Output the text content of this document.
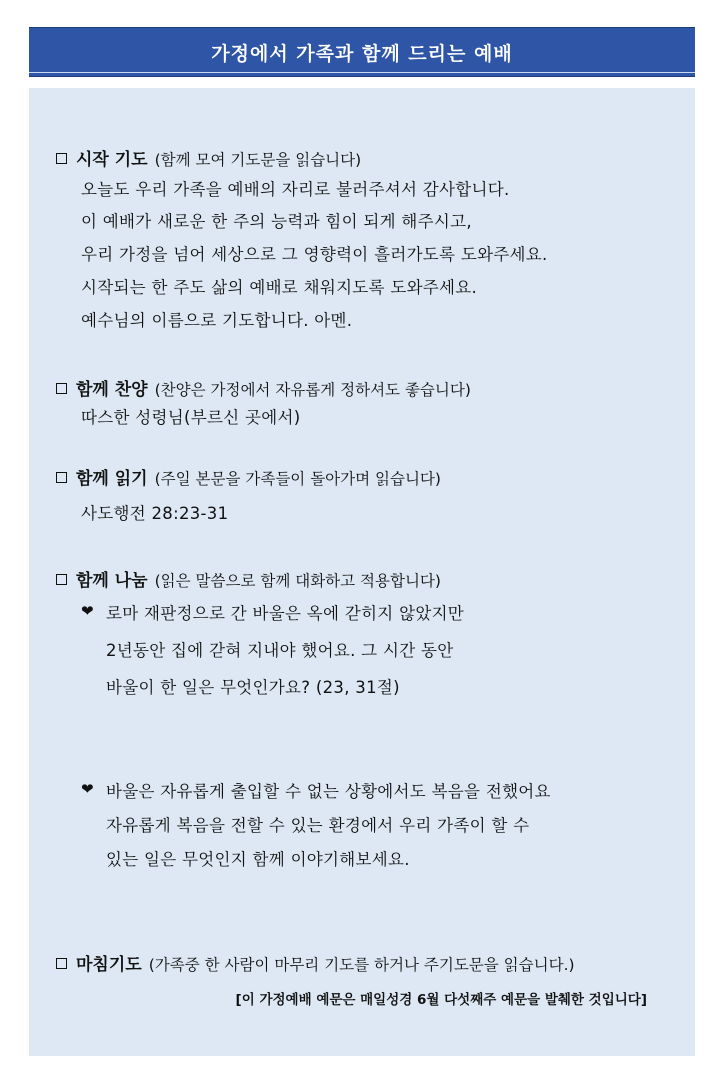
가정에서 가족과 함께 드리는 예배
시작 기도 (함께 모여 기도문을 읽습니다)
오늘도 우리 가족을 예배의 자리로 불러주셔서 감사합니다.
이 예배가 새로운 한 주의 능력과 힘이 되게 해주시고,
우리 가정을 넘어 세상으로 그 영향력이 흘러가도록 도와주세요.
시작되는 한 주도 삶의 예배로 채워지도록 도와주세요.
예수님의 이름으로 기도합니다. 아멘.
함께 찬양 (찬양은 가정에서 자유롭게 정하셔도 좋습니다)
따스한 성령님(부르신 곳에서)
함께 읽기 (주일 본문을 가족들이 돌아가며 읽습니다)
사도행전 28:23-31
함께 나눔 (읽은 말씀으로 함께 대화하고 적용합니다)
❤ 로마 재판정으로 간 바울은 옥에 갇히지 않았지만
2년동안 집에 갇혀 지내야 했어요. 그 시간 동안
바울이 한 일은 무엇인가요? (23, 31절)
❤ 바울은 자유롭게 출입할 수 없는 상황에서도 복음을 전했어요
자유롭게 복음을 전할 수 있는 환경에서 우리 가족이 할 수
있는 일은 무엇인지 함께 이야기해보세요.
마침기도 (가족중 한 사람이 마무리 기도를 하거나 주기도문을 읽습니다.)
[이 가정예배 예문은 매일성경 6월 다섯째주 예문을 발췌한 것입니다]
